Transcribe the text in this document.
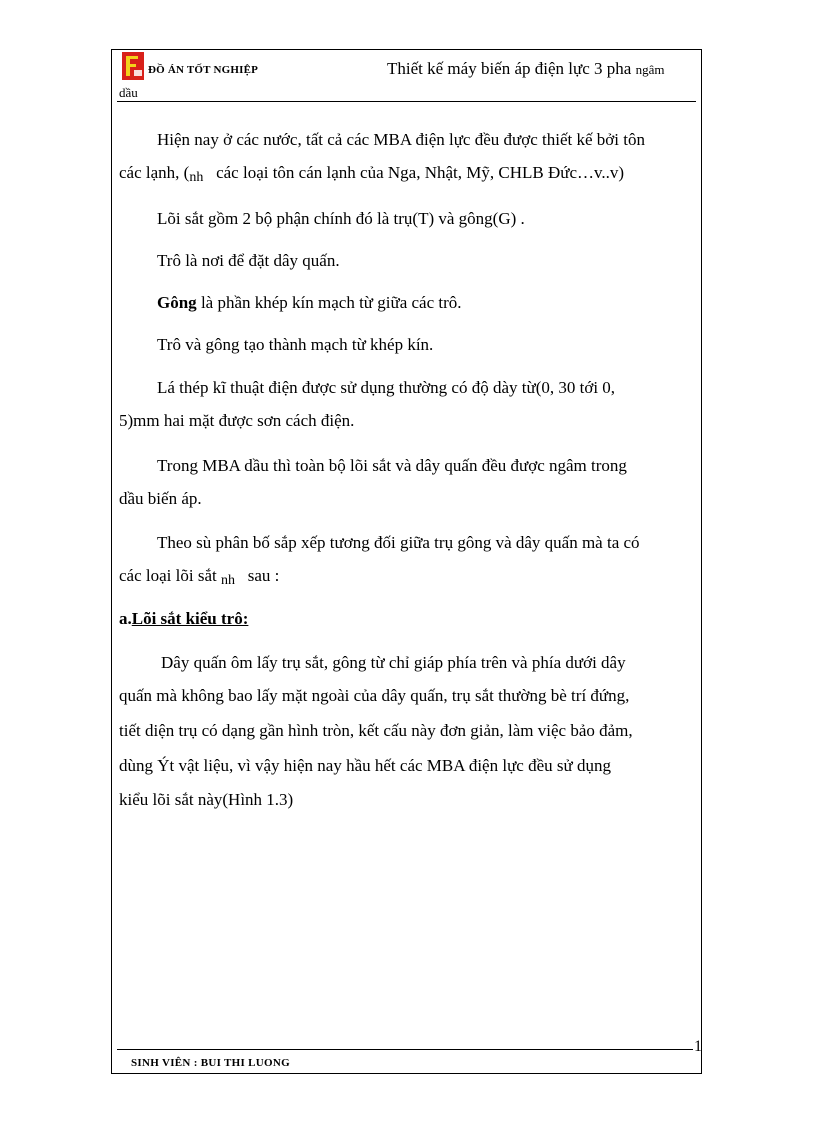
ĐỒ ÁN TỐT NGHIỆP	Thiết kế máy biến áp điện lực 3 pha ngâm
dầu
Hiện nay ở các nước, tất cả các MBA điện lực đều được thiết kế bởi tôn
các lạnh, (nh các loại tôn cán lạnh của Nga, Nhật, Mỹ, CHLB Đức…v..v)
Lõi sắt gồm 2 bộ phận chính đó là trụ(T) và gông(G) .
Trô là nơi để đặt dây quấn.
Gông là phần khép kín mạch từ giữa các trô.
Trô và gông tạo thành mạch từ khép kín.
Lá thép kĩ thuật điện được sử dụng thường có độ dày từ(0, 30 tới 0,
5)mm hai mặt được sơn cách điện.
Trong MBA dầu thì toàn bộ lõi sắt và dây quấn đều được ngâm trong
dầu biến áp.
Theo sù phân bố sắp xếp tương đối giữa trụ gông và dây quấn mà ta có
các loại lõi sắt nh sau :
a.Lõi sắt kiểu trô:
Dây quấn ôm lấy trụ sắt, gông từ chỉ giáp phía trên và phía dưới dây
quấn mà không bao lấy mặt ngoài của dây quấn, trụ sắt thường bè trí đứng,
tiết diện trụ có dạng gần hình tròn, kết cấu này đơn giản, làm việc bảo đảm,
dùng Ýt vật liệu, vì vậy hiện nay hầu hết các MBA điện lực đều sử dụng
kiểu lõi sắt này(Hình 1.3)
1
SINH VIÊN : BUI THI LUONG
